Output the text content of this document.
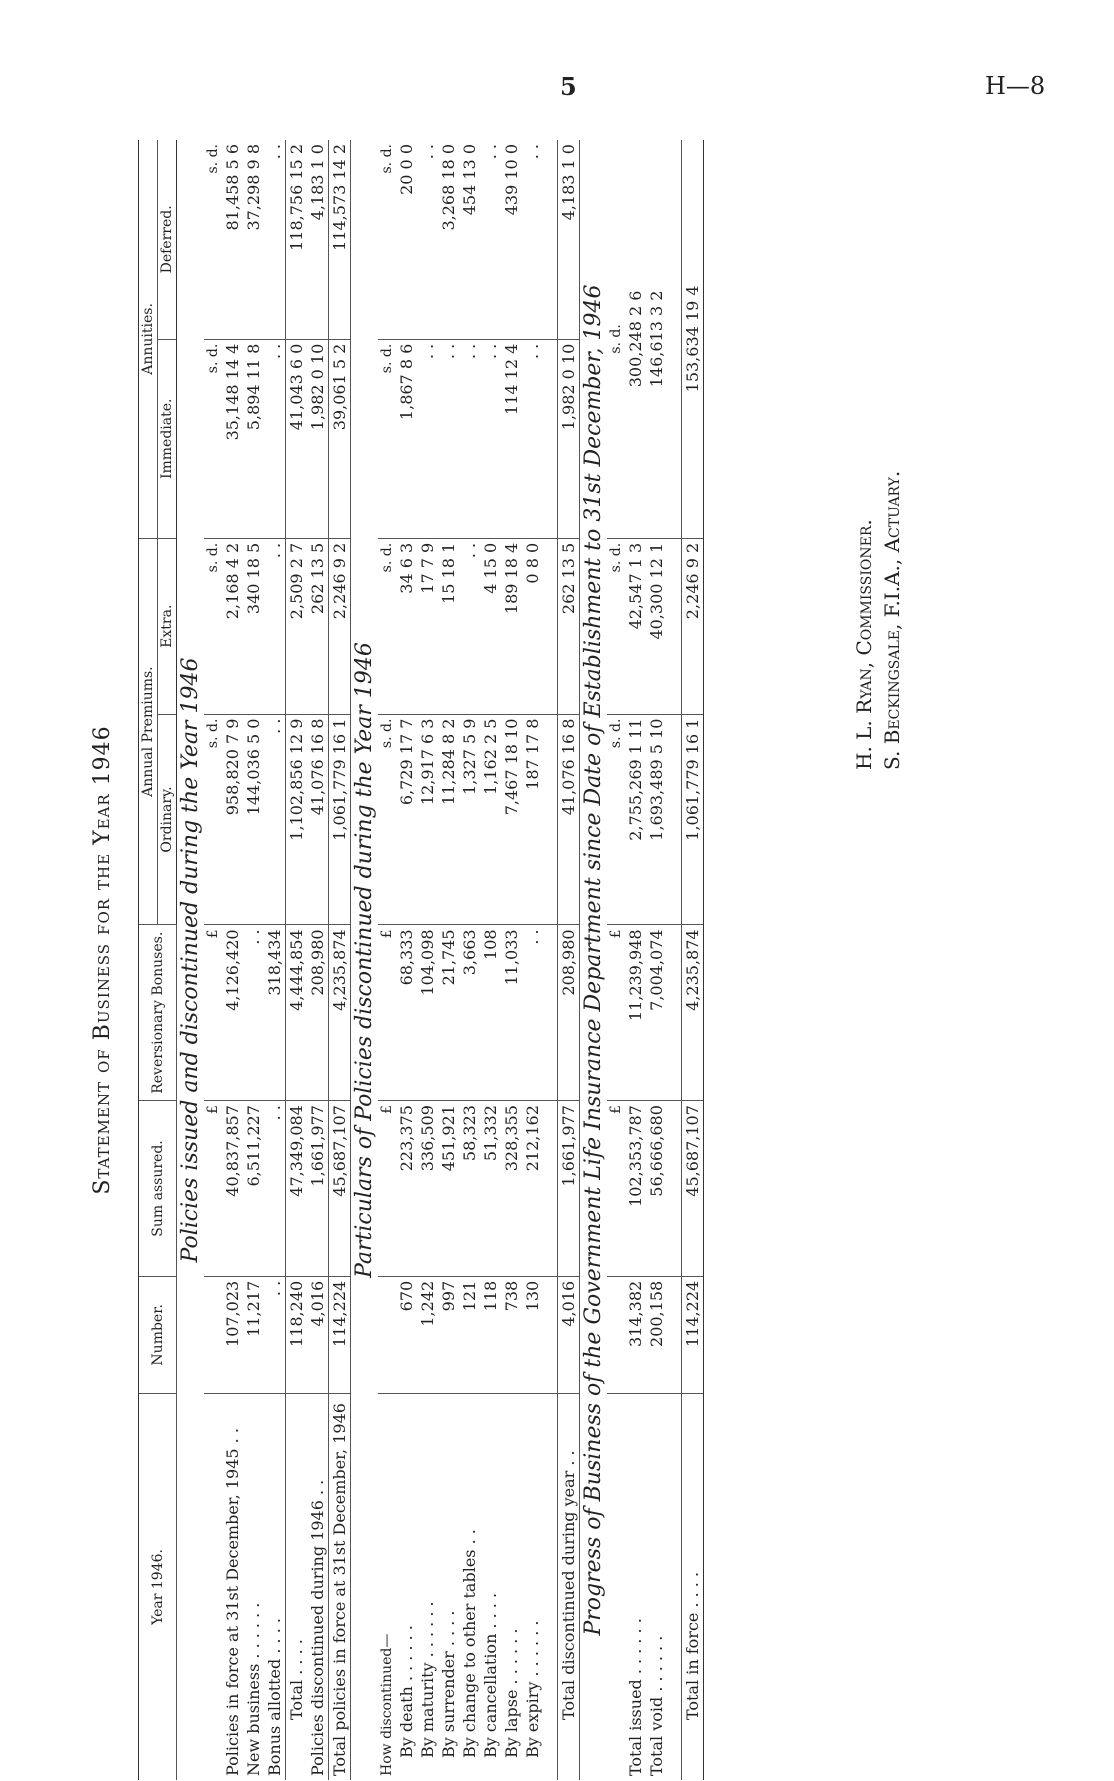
5	H—8
Statement of Business for the Year 1946
Year 1946.	Number.	Sum assured.	Reversionary Bonuses.	Annual Premiums.		Annuities.	
				Ordinary.	Extra.	Immediate.	Deferred.
Policies issued and discontinued during the Year 1946							
		£	£	s. d.	s. d.	s. d.	s. d.
Policies in force at 31st December, 1945 . .	107,023	40,837,857	4,126,420	958,820 7 9	2,168 4 2	35,148 14 4	81,458 5 6
New business . . . . . .	11,217	6,511,227	. .	144,036 5 0	340 18 5	5,894 11 8	37,298 9 8
Bonus allotted . . . .	. .	. .	318,434	. .	. .	. .	. .
Total . . . .	118,240	47,349,084	4,444,854	1,102,856 12 9	2,509 2 7	41,043 6 0	118,756 15 2
Policies discontinued during 1946 . .	4,016	1,661,977	208,980	41,076 16 8	262 13 5	1,982 0 10	4,183 1 0
Total policies in force at 31st December, 1946	114,224	45,687,107	4,235,874	1,061,779 16 1	2,246 9 2	39,061 5 2	114,573 14 2
Particulars of Policies discontinued during the Year 1946							
How discontinued—		£	£	s. d.	s. d.	s. d.	s. d.
By death . . . . . .	670	223,375	68,333	6,729 17 7	34 6 3	1,867 8 6	20 0 0
By maturity . . . . . .	1,242	336,509	104,098	12,917 6 3	17 7 9	. .	. .
By surrender . . . .	997	451,921	21,745	11,284 8 2	15 18 1	. .	3,268 18 0
By change to other tables . .	121	58,323	3,663	1,327 5 9	. .	. .	454 13 0
By cancellation . . . .	118	51,332	108	1,162 2 5	4 15 0	. .	. .
By lapse . . . . . .	738	328,355	11,033	7,467 18 10	189 18 4	114 12 4	439 10 0
By expiry . . . . . .	130	212,162	. .	187 17 8	0 8 0	. .	. .

Total discontinued during year . .	4,016	1,661,977	208,980	41,076 16 8	262 13 5	1,982 0 10	4,183 1 0
Progress of Business of the Government Life Insurance Department since Date of Establishment to 31st December, 1946							
		£	£	s. d.	s. d.	s. d.	
Total issued . . . . . .	314,382	102,353,787	11,239,948	2,755,269 1 11	42,547 1 3	300,248 2 6	
Total void . . . . . .	200,158	56,666,680	7,004,074	1,693,489 5 10	40,300 12 1	146,613 3 2	

Total in force . . . .	114,224	45,687,107	4,235,874	1,061,779 16 1	2,246 9 2	153,634 19 4	
H. L. Ryan, Commissioner. S. Beckingsale, F.I.A., Actuary.
